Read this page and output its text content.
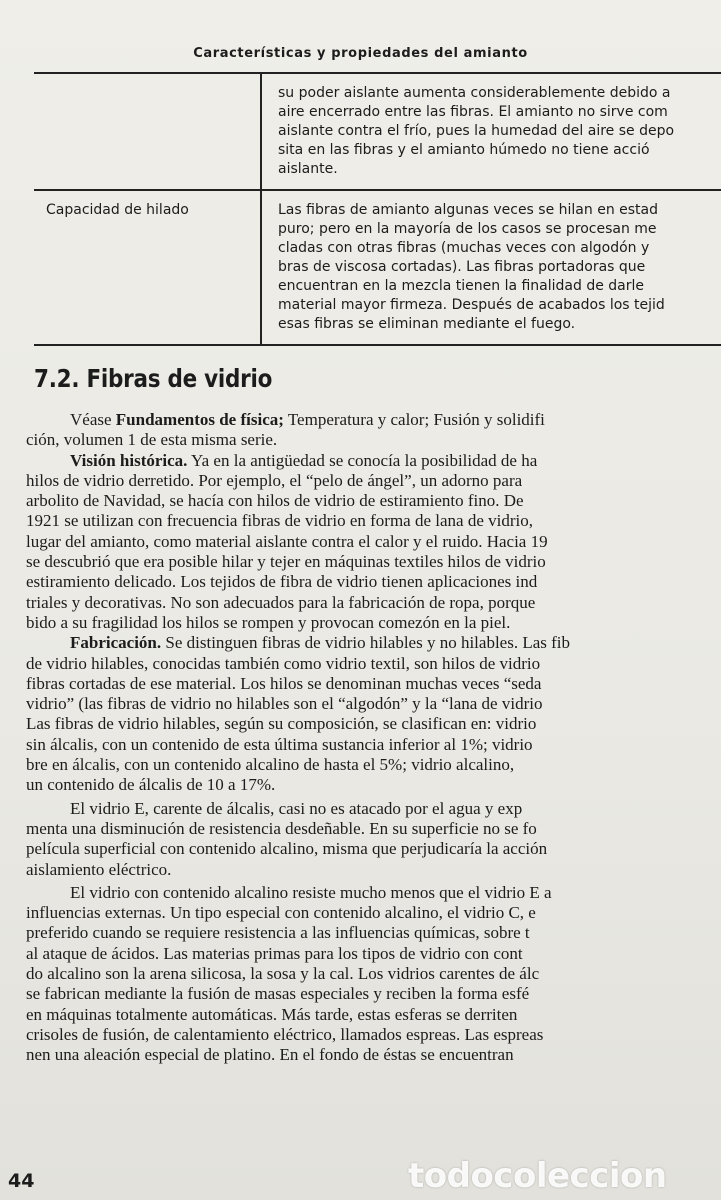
Características y propiedades del amianto
su poder aislante aumenta considerablemente debido a
aire encerrado entre las fibras. El amianto no sirve com
aislante contra el frío, pues la humedad del aire se depo
sita en las fibras y el amianto húmedo no tiene acció
aislante.
Capacidad de hilado	Las fibras de amianto algunas veces se hilan en estad
puro; pero en la mayoría de los casos se procesan me
cladas con otras fibras (muchas veces con algodón y
bras de viscosa cortadas). Las fibras portadoras que
encuentran en la mezcla tienen la finalidad de darle
material mayor firmeza. Después de acabados los tejid
esas fibras se eliminan mediante el fuego.
7.2. Fibras de vidrio
Véase Fundamentos de física; Temperatura y calor; Fusión y solidifi
ción, volumen 1 de esta misma serie.
Visión histórica. Ya en la antigüedad se conocía la posibilidad de ha
hilos de vidrio derretido. Por ejemplo, el “pelo de ángel”, un adorno para
arbolito de Navidad, se hacía con hilos de vidrio de estiramiento fino. De
1921 se utilizan con frecuencia fibras de vidrio en forma de lana de vidrio,
lugar del amianto, como material aislante contra el calor y el ruido. Hacia 19
se descubrió que era posible hilar y tejer en máquinas textiles hilos de vidrio
estiramiento delicado. Los tejidos de fibra de vidrio tienen aplicaciones ind
triales y decorativas. No son adecuados para la fabricación de ropa, porque
bido a su fragilidad los hilos se rompen y provocan comezón en la piel.
Fabricación. Se distinguen fibras de vidrio hilables y no hilables. Las fib
de vidrio hilables, conocidas también como vidrio textil, son hilos de vidrio
fibras cortadas de ese material. Los hilos se denominan muchas veces “seda
vidrio” (las fibras de vidrio no hilables son el “algodón” y la “lana de vidrio
Las fibras de vidrio hilables, según su composición, se clasifican en: vidrio
sin álcalis, con un contenido de esta última sustancia inferior al 1%; vidrio
bre en álcalis, con un contenido alcalino de hasta el 5%; vidrio alcalino,
un contenido de álcalis de 10 a 17%.
El vidrio E, carente de álcalis, casi no es atacado por el agua y exp
menta una disminución de resistencia desdeñable. En su superficie no se fo
película superficial con contenido alcalino, misma que perjudicaría la acción
aislamiento eléctrico.
El vidrio con contenido alcalino resiste mucho menos que el vidrio E a
influencias externas. Un tipo especial con contenido alcalino, el vidrio C, e
preferido cuando se requiere resistencia a las influencias químicas, sobre t
al ataque de ácidos. Las materias primas para los tipos de vidrio con cont
do alcalino son la arena silicosa, la sosa y la cal. Los vidrios carentes de álc
se fabrican mediante la fusión de masas especiales y reciben la forma esfé
en máquinas totalmente automáticas. Más tarde, estas esferas se derriten
crisoles de fusión, de calentamiento eléctrico, llamados espreas. Las espreas
nen una aleación especial de platino. En el fondo de éstas se encuentran
44	todocoleccion
